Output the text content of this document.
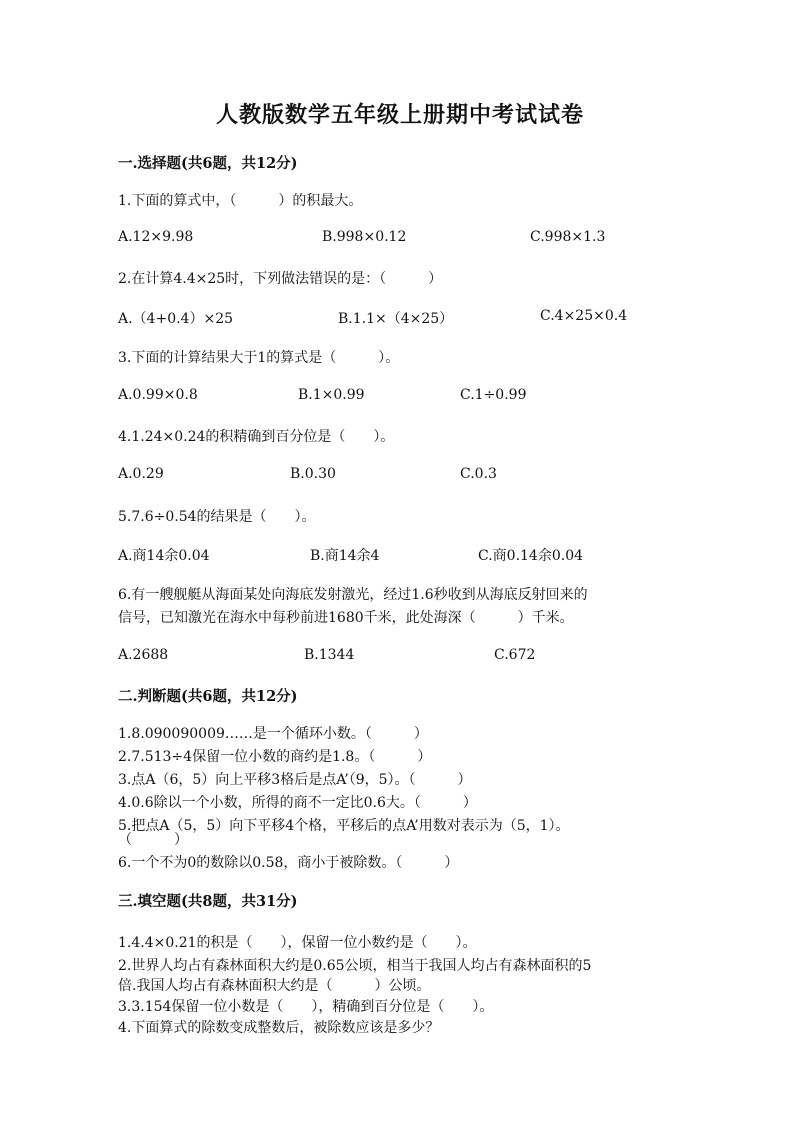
人教版数学五年级上册期中考试试卷
一.选择题(共6题，共12分)
1.下面的算式中，（　　　）的积最大。
A.12×9.98	B.998×0.12	C.998×1.3
2.在计算4.4×25时，下列做法错误的是：（　　　）
A.（4+0.4）×25	B.1.1×（4×25）	C.4×25×0.4
3.下面的计算结果大于1的算式是（　　　）。
A.0.99×0.8	B.1×0.99	C.1÷0.99
4.1.24×0.24的积精确到百分位是（　　）。
A.0.29	B.0.30	C.0.3
5.7.6÷0.54的结果是（　　）。
A.商14余0.04	B.商14余4	C.商0.14余0.04
6.有一艘舰艇从海面某处向海底发射激光，经过1.6秒收到从海底反射回来的
信号，已知激光在海水中每秒前进1680千米，此处海深（　　　）千米。
A.2688	B.1344	C.672
二.判断题(共6题，共12分)
1.8.090090009……是一个循环小数。（　　　）
2.7.513÷4保留一位小数的商约是1.8。（　　　）
3.点A（6，5）向上平移3格后是点A’（9，5）。（　　　）
4.0.6除以一个小数，所得的商不一定比0.6大。（　　　）
5.把点A（5，5）向下平移4个格，平移后的点A’用数对表示为（5，1）。
（　　　）
6.一个不为0的数除以0.58，商小于被除数。（　　　）
三.填空题(共8题，共31分)
1.4.4×0.21的积是（　　），保留一位小数约是（　　）。
2.世界人均占有森林面积大约是0.65公顷，相当于我国人均占有森林面积的5
倍.我国人均占有森林面积大约是（　　　）公顷。
3.3.154保留一位小数是（　　），精确到百分位是（　　）。
4.下面算式的除数变成整数后，被除数应该是多少？
